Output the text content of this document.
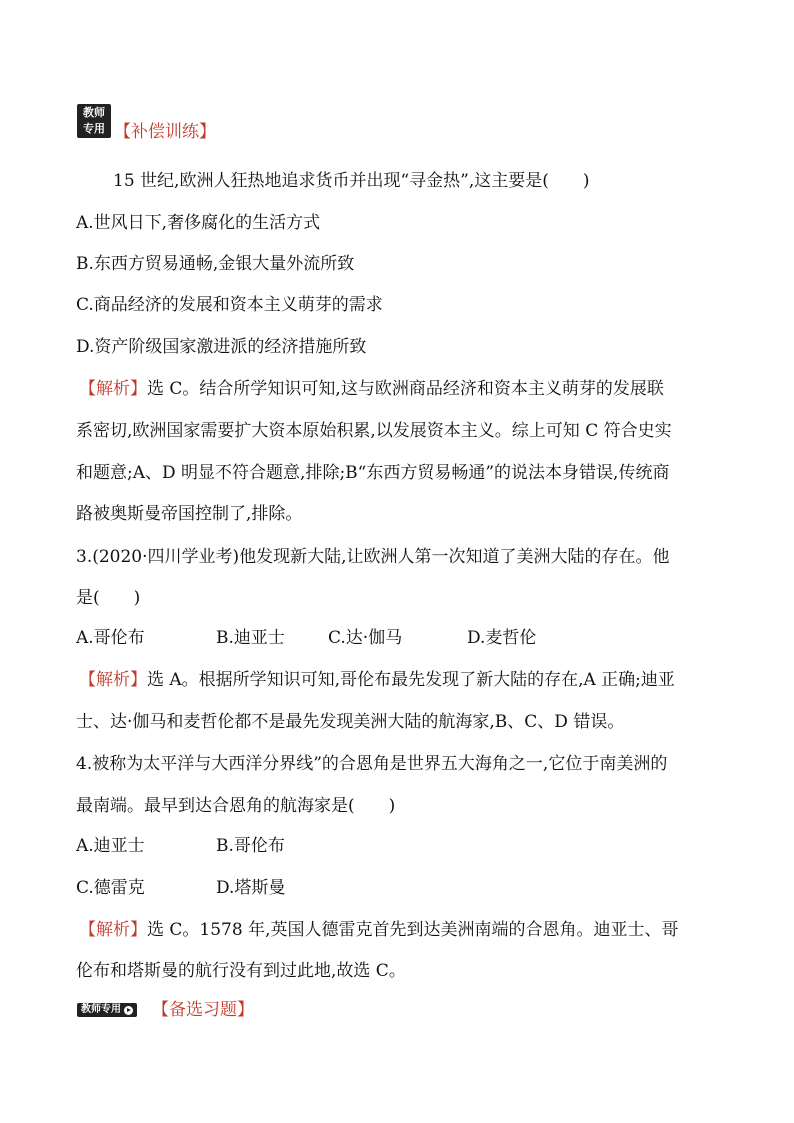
教师
专用 【补偿训练】
15 世纪,欧洲人狂热地追求货币并出现“寻金热”,这主要是(　　)
A.世风日下,奢侈腐化的生活方式
B.东西方贸易通畅,金银大量外流所致
C.商品经济的发展和资本主义萌芽的需求
D.资产阶级国家激进派的经济措施所致
【解析】选 C。结合所学知识可知,这与欧洲商品经济和资本主义萌芽的发展联
系密切,欧洲国家需要扩大资本原始积累,以发展资本主义。综上可知 C 符合史实
和题意;A、D 明显不符合题意,排除;B“东西方贸易畅通”的说法本身错误,传统商
路被奥斯曼帝国控制了,排除。
3.(2020·四川学业考)他发现新大陆,让欧洲人第一次知道了美洲大陆的存在。他
是(　　)
A.哥伦布	B.迪亚士	C.达·伽马	D.麦哲伦
【解析】选 A。根据所学知识可知,哥伦布最先发现了新大陆的存在,A 正确;迪亚
士、达·伽马和麦哲伦都不是最先发现美洲大陆的航海家,B、C、D 错误。
4.被称为太平洋与大西洋分界线”的合恩角是世界五大海角之一,它位于南美洲的
最南端。最早到达合恩角的航海家是(　　)
A.迪亚士	B.哥伦布
C.德雷克	D.塔斯曼
【解析】选 C。1578 年,英国人德雷克首先到达美洲南端的合恩角。迪亚士、哥
伦布和塔斯曼的航行没有到过此地,故选 C。
教师专用 【备选习题】
